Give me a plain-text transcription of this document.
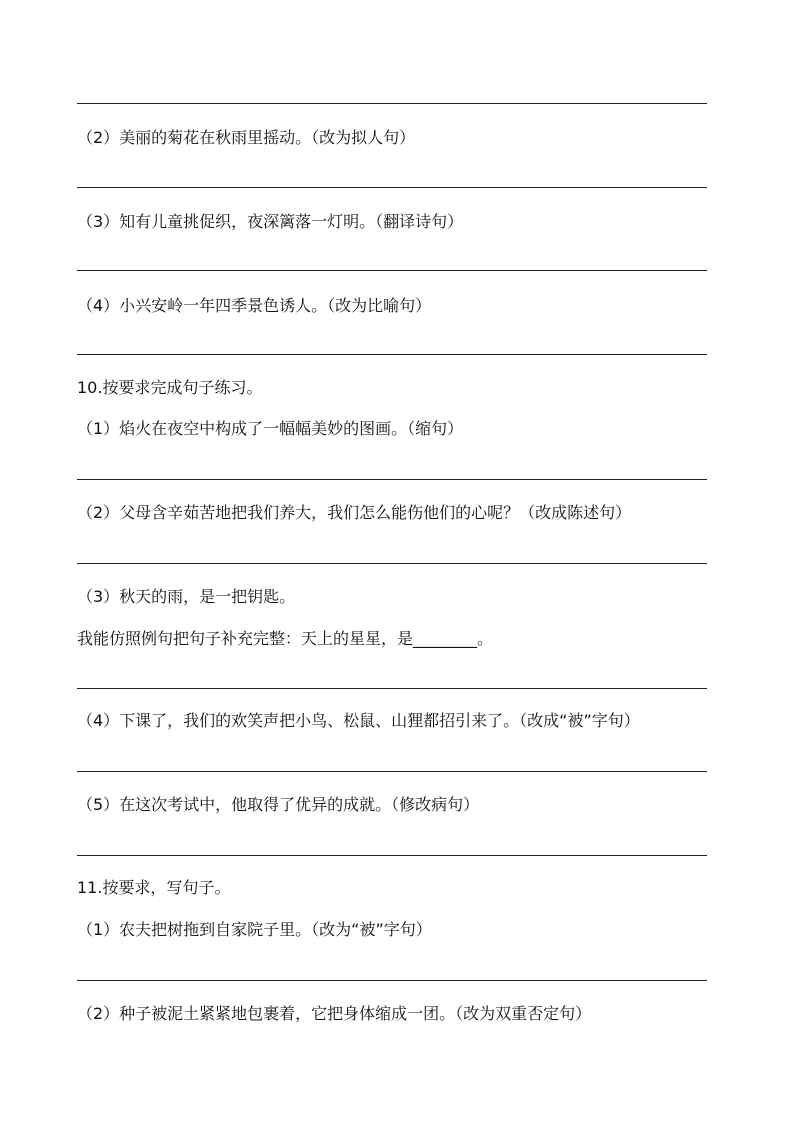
（2）美丽的菊花在秋雨里摇动。（改为拟人句）
（3）知有儿童挑促织，夜深篱落一灯明。（翻译诗句）
（4）小兴安岭一年四季景色诱人。（改为比喻句）
10.按要求完成句子练习。
（1）焰火在夜空中构成了一幅幅美妙的图画。（缩句）
（2）父母含辛茹苦地把我们养大，我们怎么能伤他们的心呢？（改成陈述句）
（3）秋天的雨，是一把钥匙。
我能仿照例句把句子补充完整：天上的星星，是________。
（4）下课了，我们的欢笑声把小鸟、松鼠、山狸都招引来了。（改成“被”字句）
（5）在这次考试中，他取得了优异的成就。（修改病句）
11.按要求，写句子。
（1）农夫把树拖到自家院子里。（改为“被”字句）
（2）种子被泥土紧紧地包裹着，它把身体缩成一团。（改为双重否定句）
